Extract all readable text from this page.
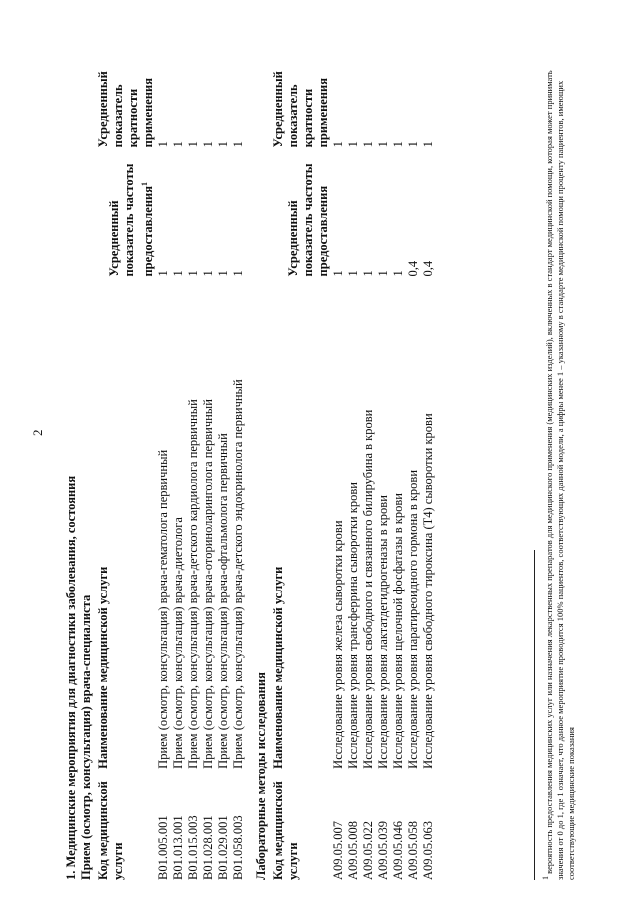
2

1. Медицинские мероприятия для диагностики заболевания, состояния Прием (осмотр, консультация) врача-специалиста Код медицинской услуги	Наименование медицинской услуги	Усредненный показатель частоты предоставления$^1$	Усредненный показатель кратности применения
B01.005.001	Прием (осмотр, консультация) врача-гематолога первичный	1	1
B01.013.001	Прием (осмотр, консультация) врача-диетолога	1	1
B01.015.003	Прием (осмотр, консультация) врача-детского кардиолога первичный	1	1
B01.028.001	Прием (осмотр, консультация) врача-оториноларинголога первичный	1	1
B01.029.001	Прием (осмотр, консультация) врача-офтальмолога первичный	1	1
B01.058.003	Прием (осмотр, консультация) врача-детского эндокринолога первичный	1	1

Лабораторные методы исследования Код медицинской услуги	Наименование медицинской услуги	Усредненный показатель частоты предоставления	Усредненный показатель кратности применения
A09.05.007	Исследование уровня железа сыворотки крови	1	1
A09.05.008	Исследование уровня трансферрина сыворотки крови	1	1
A09.05.022	Исследование уровня свободного и связанного билирубина в крови	1	1
A09.05.039	Исследование уровня лактатдегидрогеназы в крови	1	1
A09.05.046	Исследование уровня щелочной фосфатазы в крови	1	1
A09.05.058	Исследование уровня паратиреоидного гормона в крови	0,4	1
A09.05.063	Исследование уровня свободного тироксина (T4) сыворотки крови	0,4	1
$^1$ вероятность предоставления медицинских услуг или назначения лекарственных препаратов для медицинского применения (медицинских изделий), включенных в стандарт медицинской помощи, которая может принимать значения от 0 до 1, где 1 означает, что данное мероприятие проводится 100% пациентов, соответствующих данной модели, а цифры менее 1 – указанному в стандарте медицинской помощи проценту пациентов, имеющих соответствующие медицинские показания
